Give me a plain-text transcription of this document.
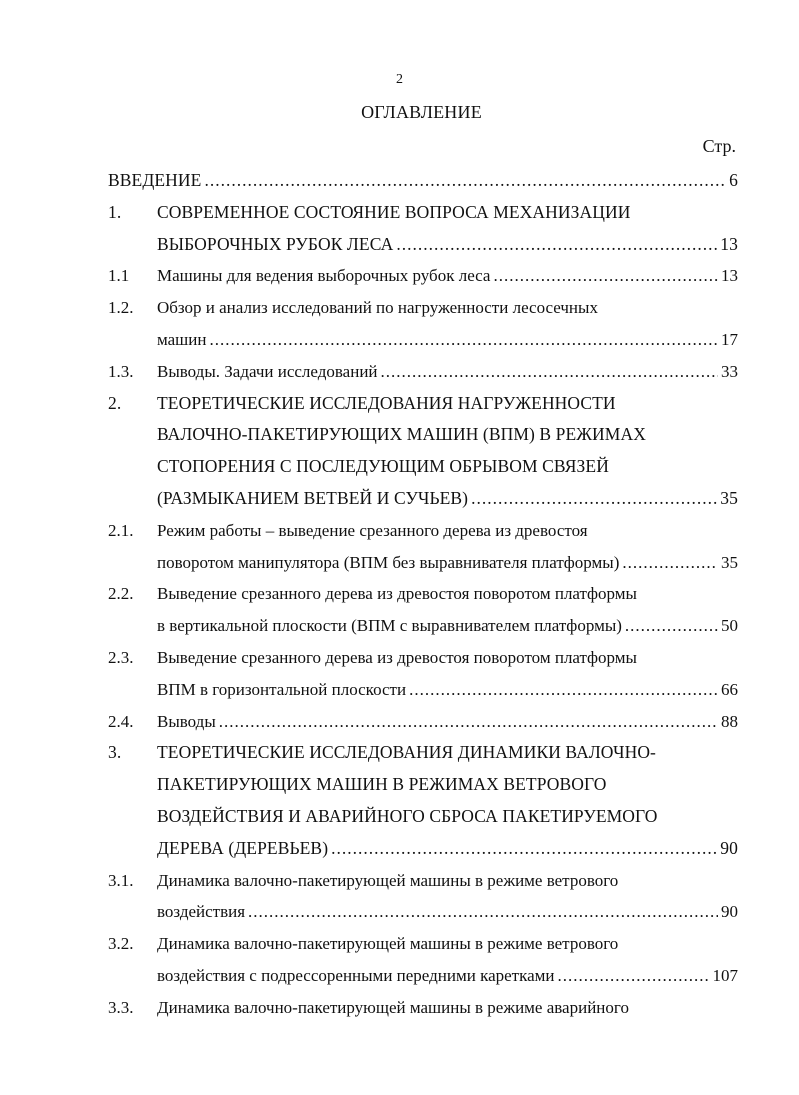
2
ОГЛАВЛЕНИЕ
Стр.
ВВЕДЕНИЕ .....	6
1.	СОВРЕМЕННОЕ СОСТОЯНИЕ ВОПРОСА МЕХАНИЗАЦИИ
ВЫБОРОЧНЫХ РУБОК ЛЕСА .....	13
1.1	Машины для ведения выборочных рубок леса .....	13
1.2.	Обзор и анализ исследований по нагруженности лесосечных
машин .....	17
1.3.	Выводы. Задачи исследований .....	33
2.	ТЕОРЕТИЧЕСКИЕ ИССЛЕДОВАНИЯ НАГРУЖЕННОСТИ
ВАЛОЧНО-ПАКЕТИРУЮЩИХ МАШИН (ВПМ) В РЕЖИМАХ
СТОПОРЕНИЯ С ПОСЛЕДУЮЩИМ ОБРЫВОМ СВЯЗЕЙ
(РАЗМЫКАНИЕМ ВЕТВЕЙ И СУЧЬЕВ) .....	35
2.1.	Режим работы – выведение срезанного дерева из древостоя
поворотом манипулятора (ВПМ без выравнивателя платформы) .....	35
2.2.	Выведение срезанного дерева из древостоя поворотом платформы
в вертикальной плоскости (ВПМ с выравнивателем платформы) .....	50
2.3.	Выведение срезанного дерева из древостоя поворотом платформы
ВПМ в горизонтальной плоскости .....	66
2.4.	Выводы .....	88
3.	ТЕОРЕТИЧЕСКИЕ ИССЛЕДОВАНИЯ ДИНАМИКИ ВАЛОЧНО-
ПАКЕТИРУЮЩИХ МАШИН В РЕЖИМАХ ВЕТРОВОГО
ВОЗДЕЙСТВИЯ И АВАРИЙНОГО СБРОСА ПАКЕТИРУЕМОГО
ДЕРЕВА (ДЕРЕВЬЕВ) .....	90
3.1.	Динамика валочно-пакетирующей машины в режиме ветрового
воздействия .....	90
3.2.	Динамика валочно-пакетирующей машины в режиме ветрового
воздействия с подрессоренными передними каретками .....	107
3.3.	Динамика валочно-пакетирующей машины в режиме аварийного
